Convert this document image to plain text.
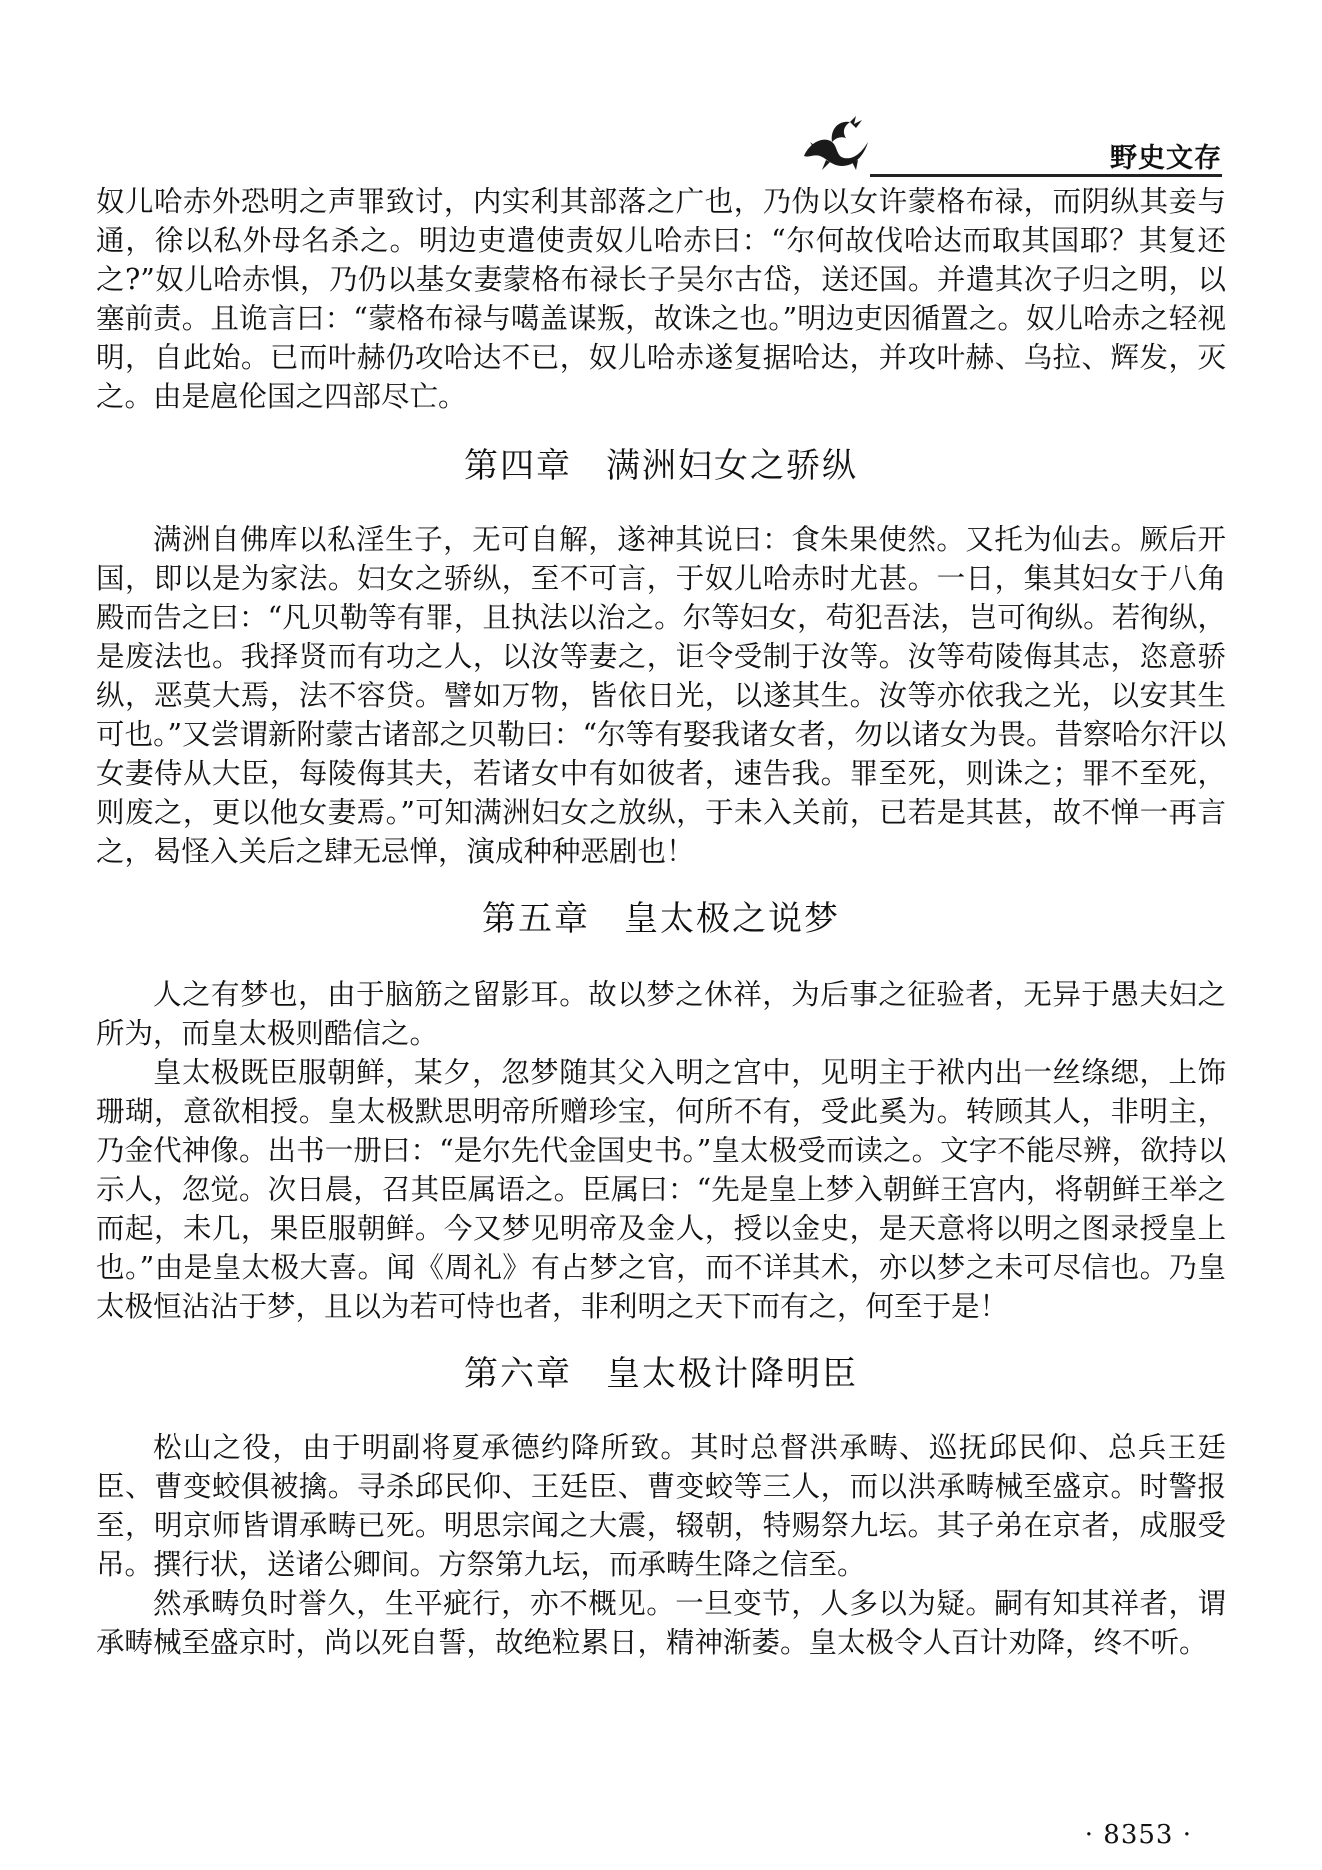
野史文存

奴儿哈赤外恐明之声罪致讨，内实利其部落之广也，乃伪以女许蒙格布禄，而阴纵其妾与通，徐以私外母名杀之。明边吏遣使责奴儿哈赤曰：“尔何故伐哈达而取其国耶？其复还之?”奴儿哈赤惧，乃仍以基女妻蒙格布禄长子吴尔古岱，送还国。并遣其次子归之明，以塞前责。且诡言曰：“蒙格布禄与噶盖谋叛，故诛之也。”明边吏因循置之。奴儿哈赤之轻视明，自此始。已而叶赫仍攻哈达不已，奴儿哈赤遂复据哈达，并攻叶赫、乌拉、辉发，灭之。由是扈伦国之四部尽亡。

第四章 满洲妇女之骄纵

满洲自佛库以私淫生子，无可自解，遂神其说曰：食朱果使然。又托为仙去。厥后开国，即以是为家法。妇女之骄纵，至不可言，于奴儿哈赤时尤甚。一日，集其妇女于八角殿而告之曰：“凡贝勒等有罪，且执法以治之。尔等妇女，苟犯吾法，岂可徇纵。若徇纵，是废法也。我择贤而有功之人，以汝等妻之，讵令受制于汝等。汝等苟陵侮其志，恣意骄纵，恶莫大焉，法不容贷。譬如万物，皆依日光，以遂其生。汝等亦依我之光，以安其生可也。”又尝谓新附蒙古诸部之贝勒曰：“尔等有娶我诸女者，勿以诸女为畏。昔察哈尔汗以女妻侍从大臣，每陵侮其夫，若诸女中有如彼者，速告我。罪至死，则诛之；罪不至死，则废之，更以他女妻焉。”可知满洲妇女之放纵，于未入关前，已若是其甚，故不惮一再言之，曷怪入关后之肆无忌惮，演成种种恶剧也！

第五章 皇太极之说梦

人之有梦也，由于脑筋之留影耳。故以梦之休祥，为后事之征验者，无异于愚夫妇之所为，而皇太极则酷信之。

皇太极既臣服朝鲜，某夕，忽梦随其父入明之宫中，见明主于袱内出一丝绦缌，上饰珊瑚，意欲相授。皇太极默思明帝所赠珍宝，何所不有，受此奚为。转顾其人，非明主，乃金代神像。出书一册曰：“是尔先代金国史书。”皇太极受而读之。文字不能尽辨，欲持以示人，忽觉。次日晨，召其臣属语之。臣属曰：“先是皇上梦入朝鲜王宫内，将朝鲜王举之而起，未几，果臣服朝鲜。今又梦见明帝及金人，授以金史，是天意将以明之图录授皇上也。”由是皇太极大喜。闻《周礼》有占梦之官，而不详其术，亦以梦之未可尽信也。乃皇太极恒沾沾于梦，且以为若可恃也者，非利明之天下而有之，何至于是！

第六章 皇太极计降明臣

松山之役，由于明副将夏承德约降所致。其时总督洪承畴、巡抚邱民仰、总兵王廷臣、曹变蛟俱被擒。寻杀邱民仰、王廷臣、曹变蛟等三人，而以洪承畴械至盛京。时警报至，明京师皆谓承畴已死。明思宗闻之大震，辍朝，特赐祭九坛。其子弟在京者，成服受吊。撰行状，送诸公卿间。方祭第九坛，而承畴生降之信至。

然承畴负时誉久，生平疵行，亦不概见。一旦变节，人多以为疑。嗣有知其祥者，谓承畴械至盛京时，尚以死自誓，故绝粒累日，精神渐萎。皇太极令人百计劝降，终不听。

· 8353 ·
